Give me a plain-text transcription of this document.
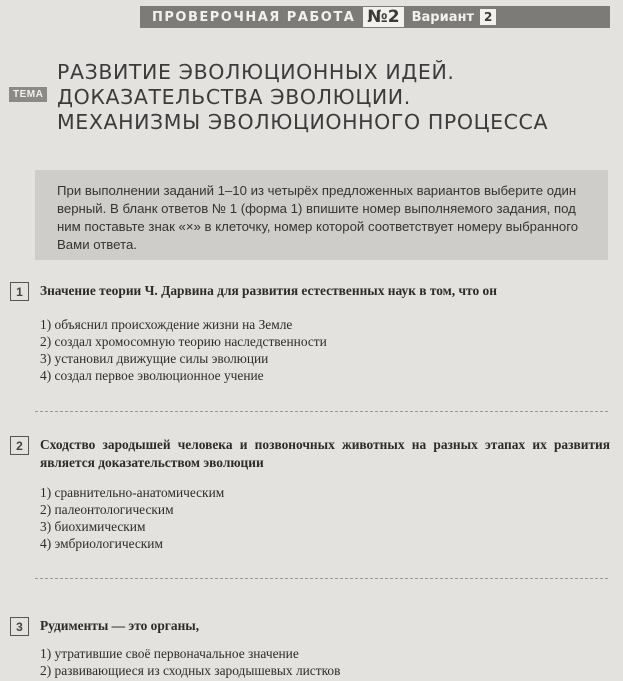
ПРОВЕРОЧНАЯ РАБОТА №2 Вариант 2
ТЕМА
РАЗВИТИЕ ЭВОЛЮЦИОННЫХ ИДЕЙ.
ДОКАЗАТЕЛЬСТВА ЭВОЛЮЦИИ.
МЕХАНИЗМЫ ЭВОЛЮЦИОННОГО ПРОЦЕССА
При выполнении заданий 1–10 из четырёх предложенных вариантов выберите один верный. В бланк ответов № 1 (форма 1) впишите номер выполняемого задания, под ним поставьте знак «×» в клеточку, номер которой соответствует номеру выбранного Вами ответа.
1	Значение теории Ч. Дарвина для развития естественных наук в том, что он
1) объяснил происхождение жизни на Земле
2) создал хромосомную теорию наследственности
3) установил движущие силы эволюции
4) создал первое эволюционное учение
2	Сходство зародышей человека и позвоночных животных на разных этапах их развития является доказательством эволюции
1) сравнительно-анатомическим
2) палеонтологическим
3) биохимическим
4) эмбриологическим
3	Рудименты — это органы,
1) утратившие своё первоначальное значение
2) развивающиеся из сходных зародышевых листков
